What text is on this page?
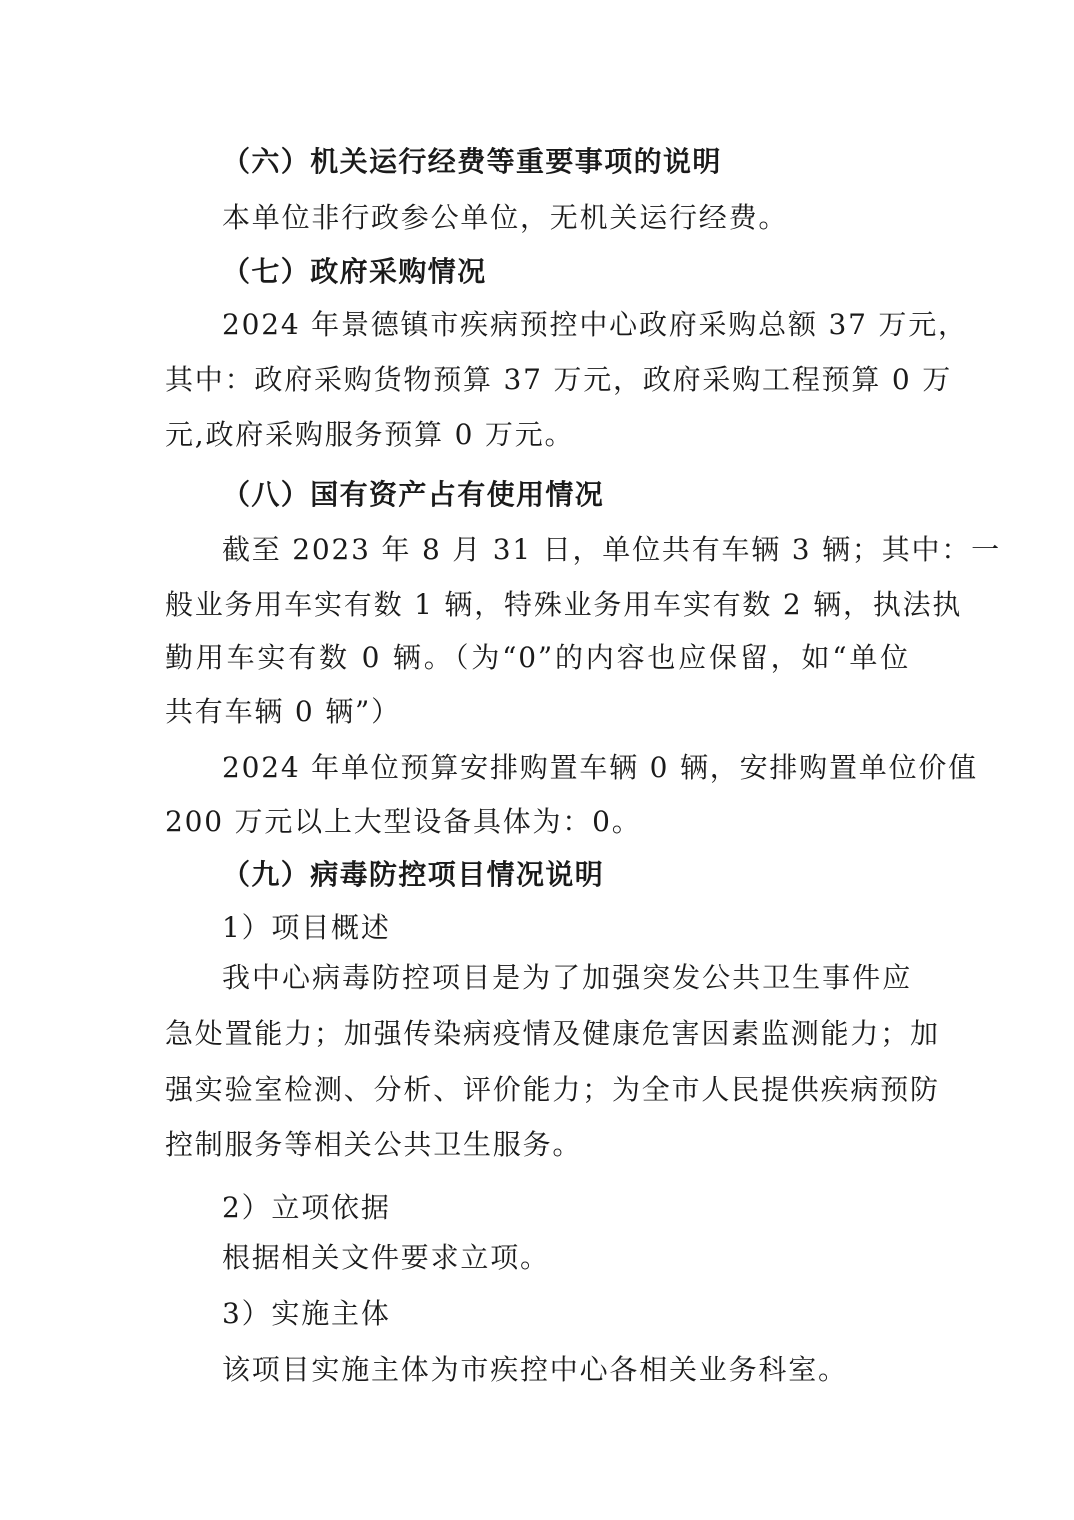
（六）机关运行经费等重要事项的说明
本单位非行政参公单位，无机关运行经费。
（七）政府采购情况
2024 年景德镇市疾病预控中心政府采购总额 37 万元，
其中：政府采购货物预算 37 万元，政府采购工程预算 0 万
元,政府采购服务预算 0 万元。
（八）国有资产占有使用情况
截至 2023 年 8 月 31 日，单位共有车辆 3 辆；其中：一
般业务用车实有数 1 辆，特殊业务用车实有数 2 辆，执法执
勤用车实有数 0 辆。（为“0”的内容也应保留，如“单位
共有车辆 0 辆”）
2024 年单位预算安排购置车辆 0 辆，安排购置单位价值
200 万元以上大型设备具体为：0。
（九）病毒防控项目情况说明
1）项目概述
我中心病毒防控项目是为了加强突发公共卫生事件应
急处置能力；加强传染病疫情及健康危害因素监测能力；加
强实验室检测、分析、评价能力；为全市人民提供疾病预防
控制服务等相关公共卫生服务。
2）立项依据
根据相关文件要求立项。
3）实施主体
该项目实施主体为市疾控中心各相关业务科室。
